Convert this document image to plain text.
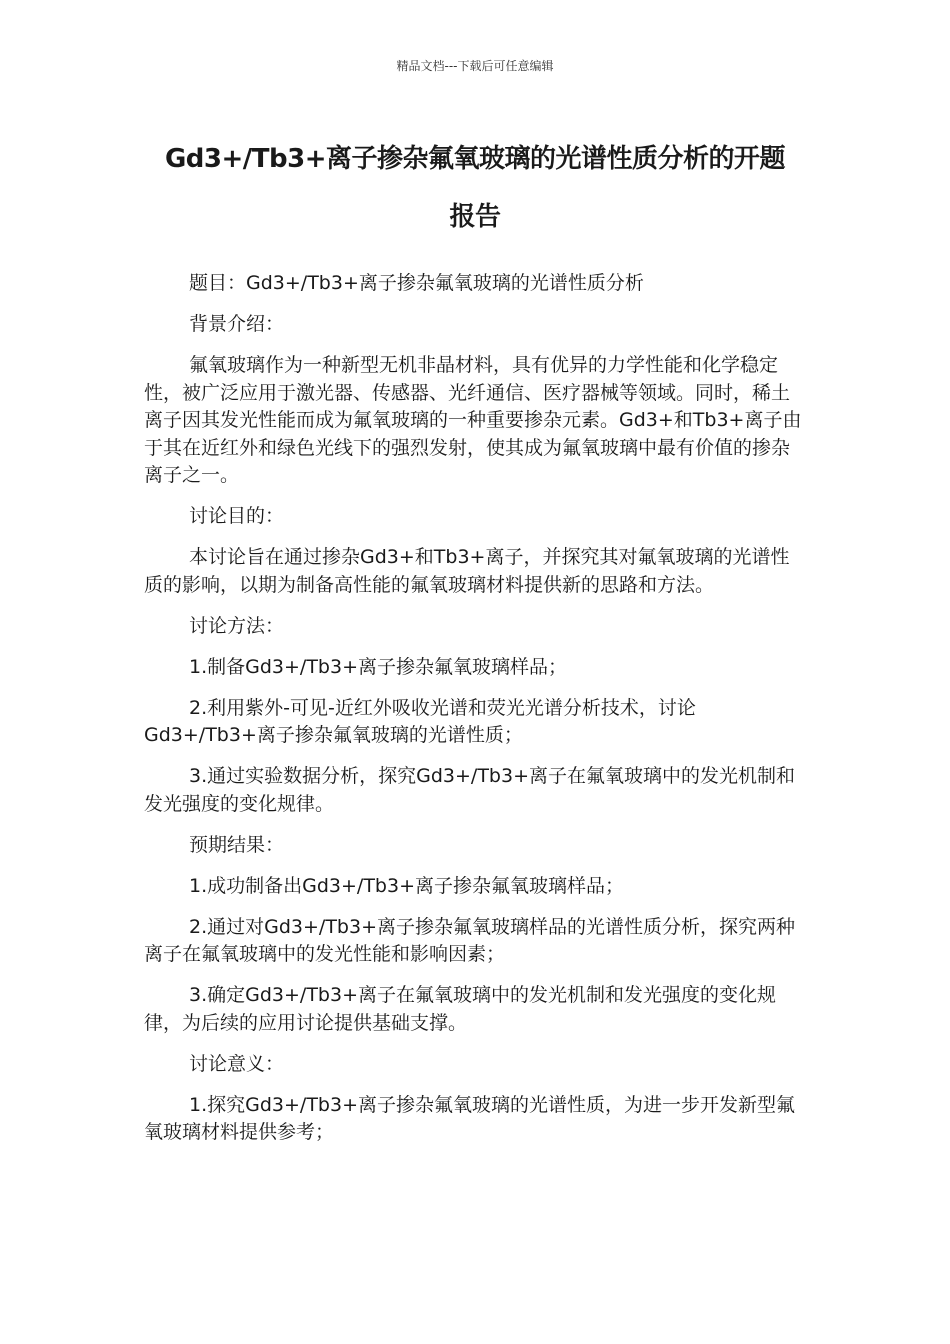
精品文档---下载后可任意编辑
Gd3+/Tb3+离子掺杂氟氧玻璃的光谱性质分析的开题
报告

题目：Gd3+/Tb3+离子掺杂氟氧玻璃的光谱性质分析

背景介绍：

氟氧玻璃作为一种新型无机非晶材料，具有优异的力学性能和化学稳定性，被广泛应用于激光器、传感器、光纤通信、医疗器械等领域。同时，稀土离子因其发光性能而成为氟氧玻璃的一种重要掺杂元素。Gd3+和Tb3+离子由于其在近红外和绿色光线下的强烈发射，使其成为氟氧玻璃中最有价值的掺杂离子之一。

讨论目的：

本讨论旨在通过掺杂Gd3+和Tb3+离子，并探究其对氟氧玻璃的光谱性质的影响，以期为制备高性能的氟氧玻璃材料提供新的思路和方法。

讨论方法：

1.制备Gd3+/Tb3+离子掺杂氟氧玻璃样品；

2.利用紫外-可见-近红外吸收光谱和荧光光谱分析技术，讨论Gd3+/Tb3+离子掺杂氟氧玻璃的光谱性质；

3.通过实验数据分析，探究Gd3+/Tb3+离子在氟氧玻璃中的发光机制和发光强度的变化规律。

预期结果：

1.成功制备出Gd3+/Tb3+离子掺杂氟氧玻璃样品；

2.通过对Gd3+/Tb3+离子掺杂氟氧玻璃样品的光谱性质分析，探究两种离子在氟氧玻璃中的发光性能和影响因素；

3.确定Gd3+/Tb3+离子在氟氧玻璃中的发光机制和发光强度的变化规律，为后续的应用讨论提供基础支撑。

讨论意义：

1.探究Gd3+/Tb3+离子掺杂氟氧玻璃的光谱性质，为进一步开发新型氟氧玻璃材料提供参考；
